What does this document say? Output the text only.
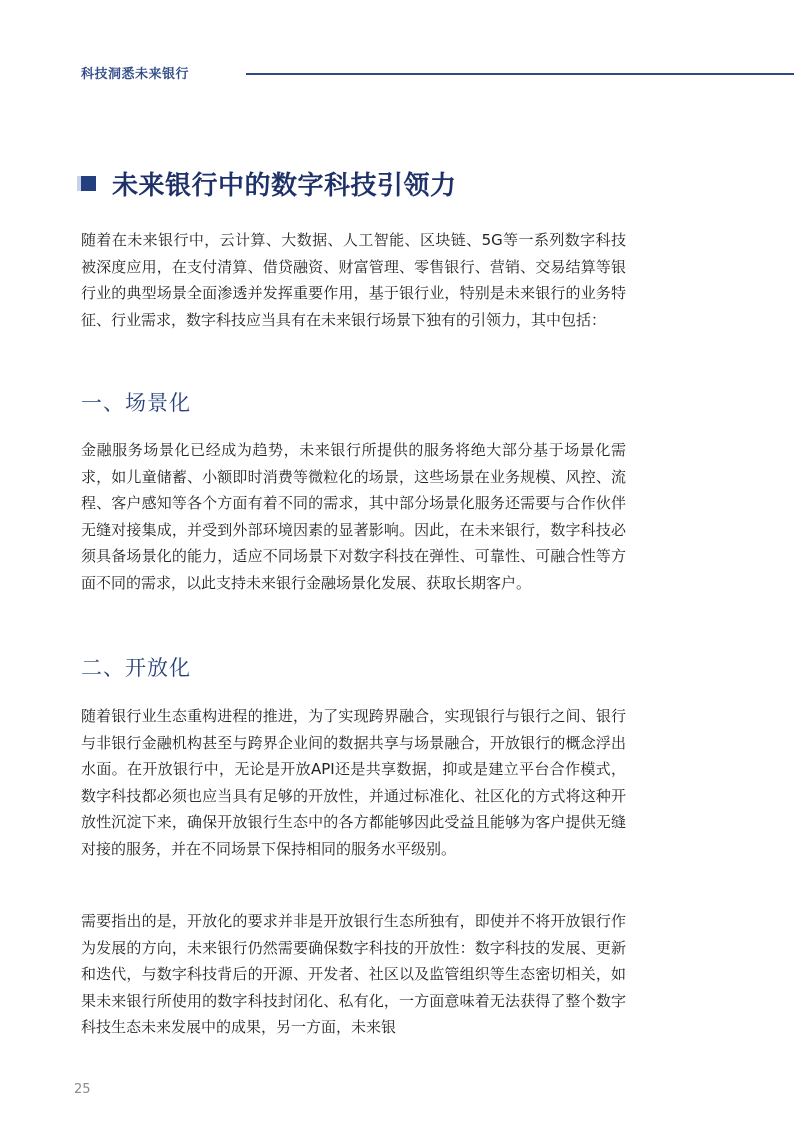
科技洞悉未来银行
未来银行中的数字科技引领力

随着在未来银行中，云计算、大数据、人工智能、区块链、5G等一系列数字科技被深度应用，在支付清算、借贷融资、财富管理、零售银行、营销、交易结算等银行业的典型场景全面渗透并发挥重要作用，基于银行业，特别是未来银行的业务特征、行业需求，数字科技应当具有在未来银行场景下独有的引领力，其中包括：

一、场景化

金融服务场景化已经成为趋势，未来银行所提供的服务将绝大部分基于场景化需求，如儿童储蓄、小额即时消费等微粒化的场景，这些场景在业务规模、风控、流程、客户感知等各个方面有着不同的需求，其中部分场景化服务还需要与合作伙伴无缝对接集成，并受到外部环境因素的显著影响。因此，在未来银行，数字科技必须具备场景化的能力，适应不同场景下对数字科技在弹性、可靠性、可融合性等方面不同的需求，以此支持未来银行金融场景化发展、获取长期客户。

二、开放化

随着银行业生态重构进程的推进，为了实现跨界融合，实现银行与银行之间、银行与非银行金融机构甚至与跨界企业间的数据共享与场景融合，开放银行的概念浮出水面。在开放银行中，无论是开放API还是共享数据，抑或是建立平台合作模式，数字科技都必须也应当具有足够的开放性，并通过标准化、社区化的方式将这种开放性沉淀下来，确保开放银行生态中的各方都能够因此受益且能够为客户提供无缝对接的服务，并在不同场景下保持相同的服务水平级别。

需要指出的是，开放化的要求并非是开放银行生态所独有，即使并不将开放银行作为发展的方向，未来银行仍然需要确保数字科技的开放性：数字科技的发展、更新和迭代，与数字科技背后的开源、开发者、社区以及监管组织等生态密切相关，如果未来银行所使用的数字科技封闭化、私有化，一方面意味着无法获得了整个数字科技生态未来发展中的成果，另一方面，未来银

25
